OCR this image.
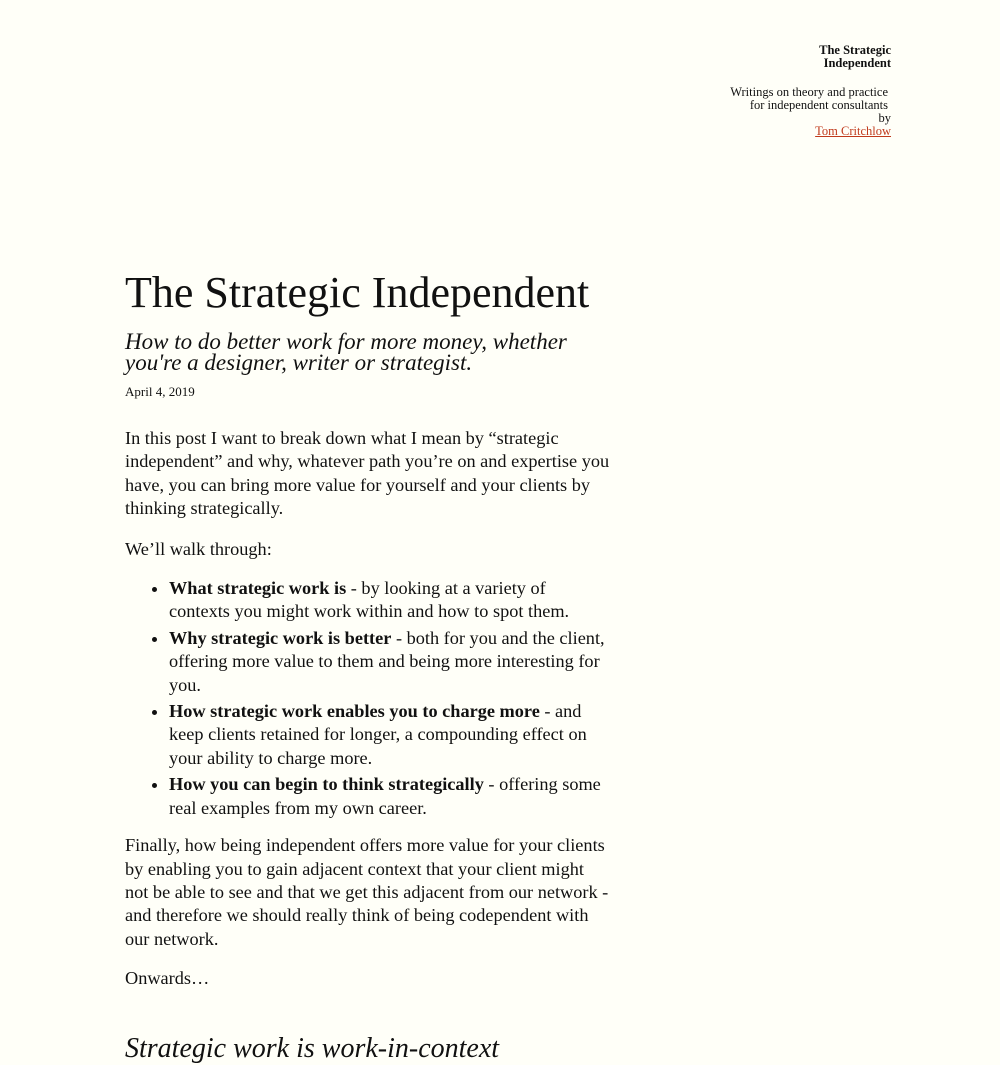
The Strategic
Independent
Writings on theory and practice
for independent consultants
by
Tom Critchlow
The Strategic Independent

How to do better work for more money, whether you're a designer, writer or strategist.

April 4, 2019

In this post I want to break down what I mean by “strategic independent” and why, whatever path you’re on and expertise you have, you can bring more value for yourself and your clients by thinking strategically.

We’ll walk through:

• What strategic work is - by looking at a variety of contexts you might work within and how to spot them.
• Why strategic work is better - both for you and the client, offering more value to them and being more interesting for you.
• How strategic work enables you to charge more - and keep clients retained for longer, a compounding effect on your ability to charge more.
• How you can begin to think strategically - offering some real examples from my own career.

Finally, how being independent offers more value for your clients by enabling you to gain adjacent context that your client might not be able to see and that we get this adjacent from our network - and therefore we should really think of being codependent with our network.

Onwards…

Strategic work is work-in-context
